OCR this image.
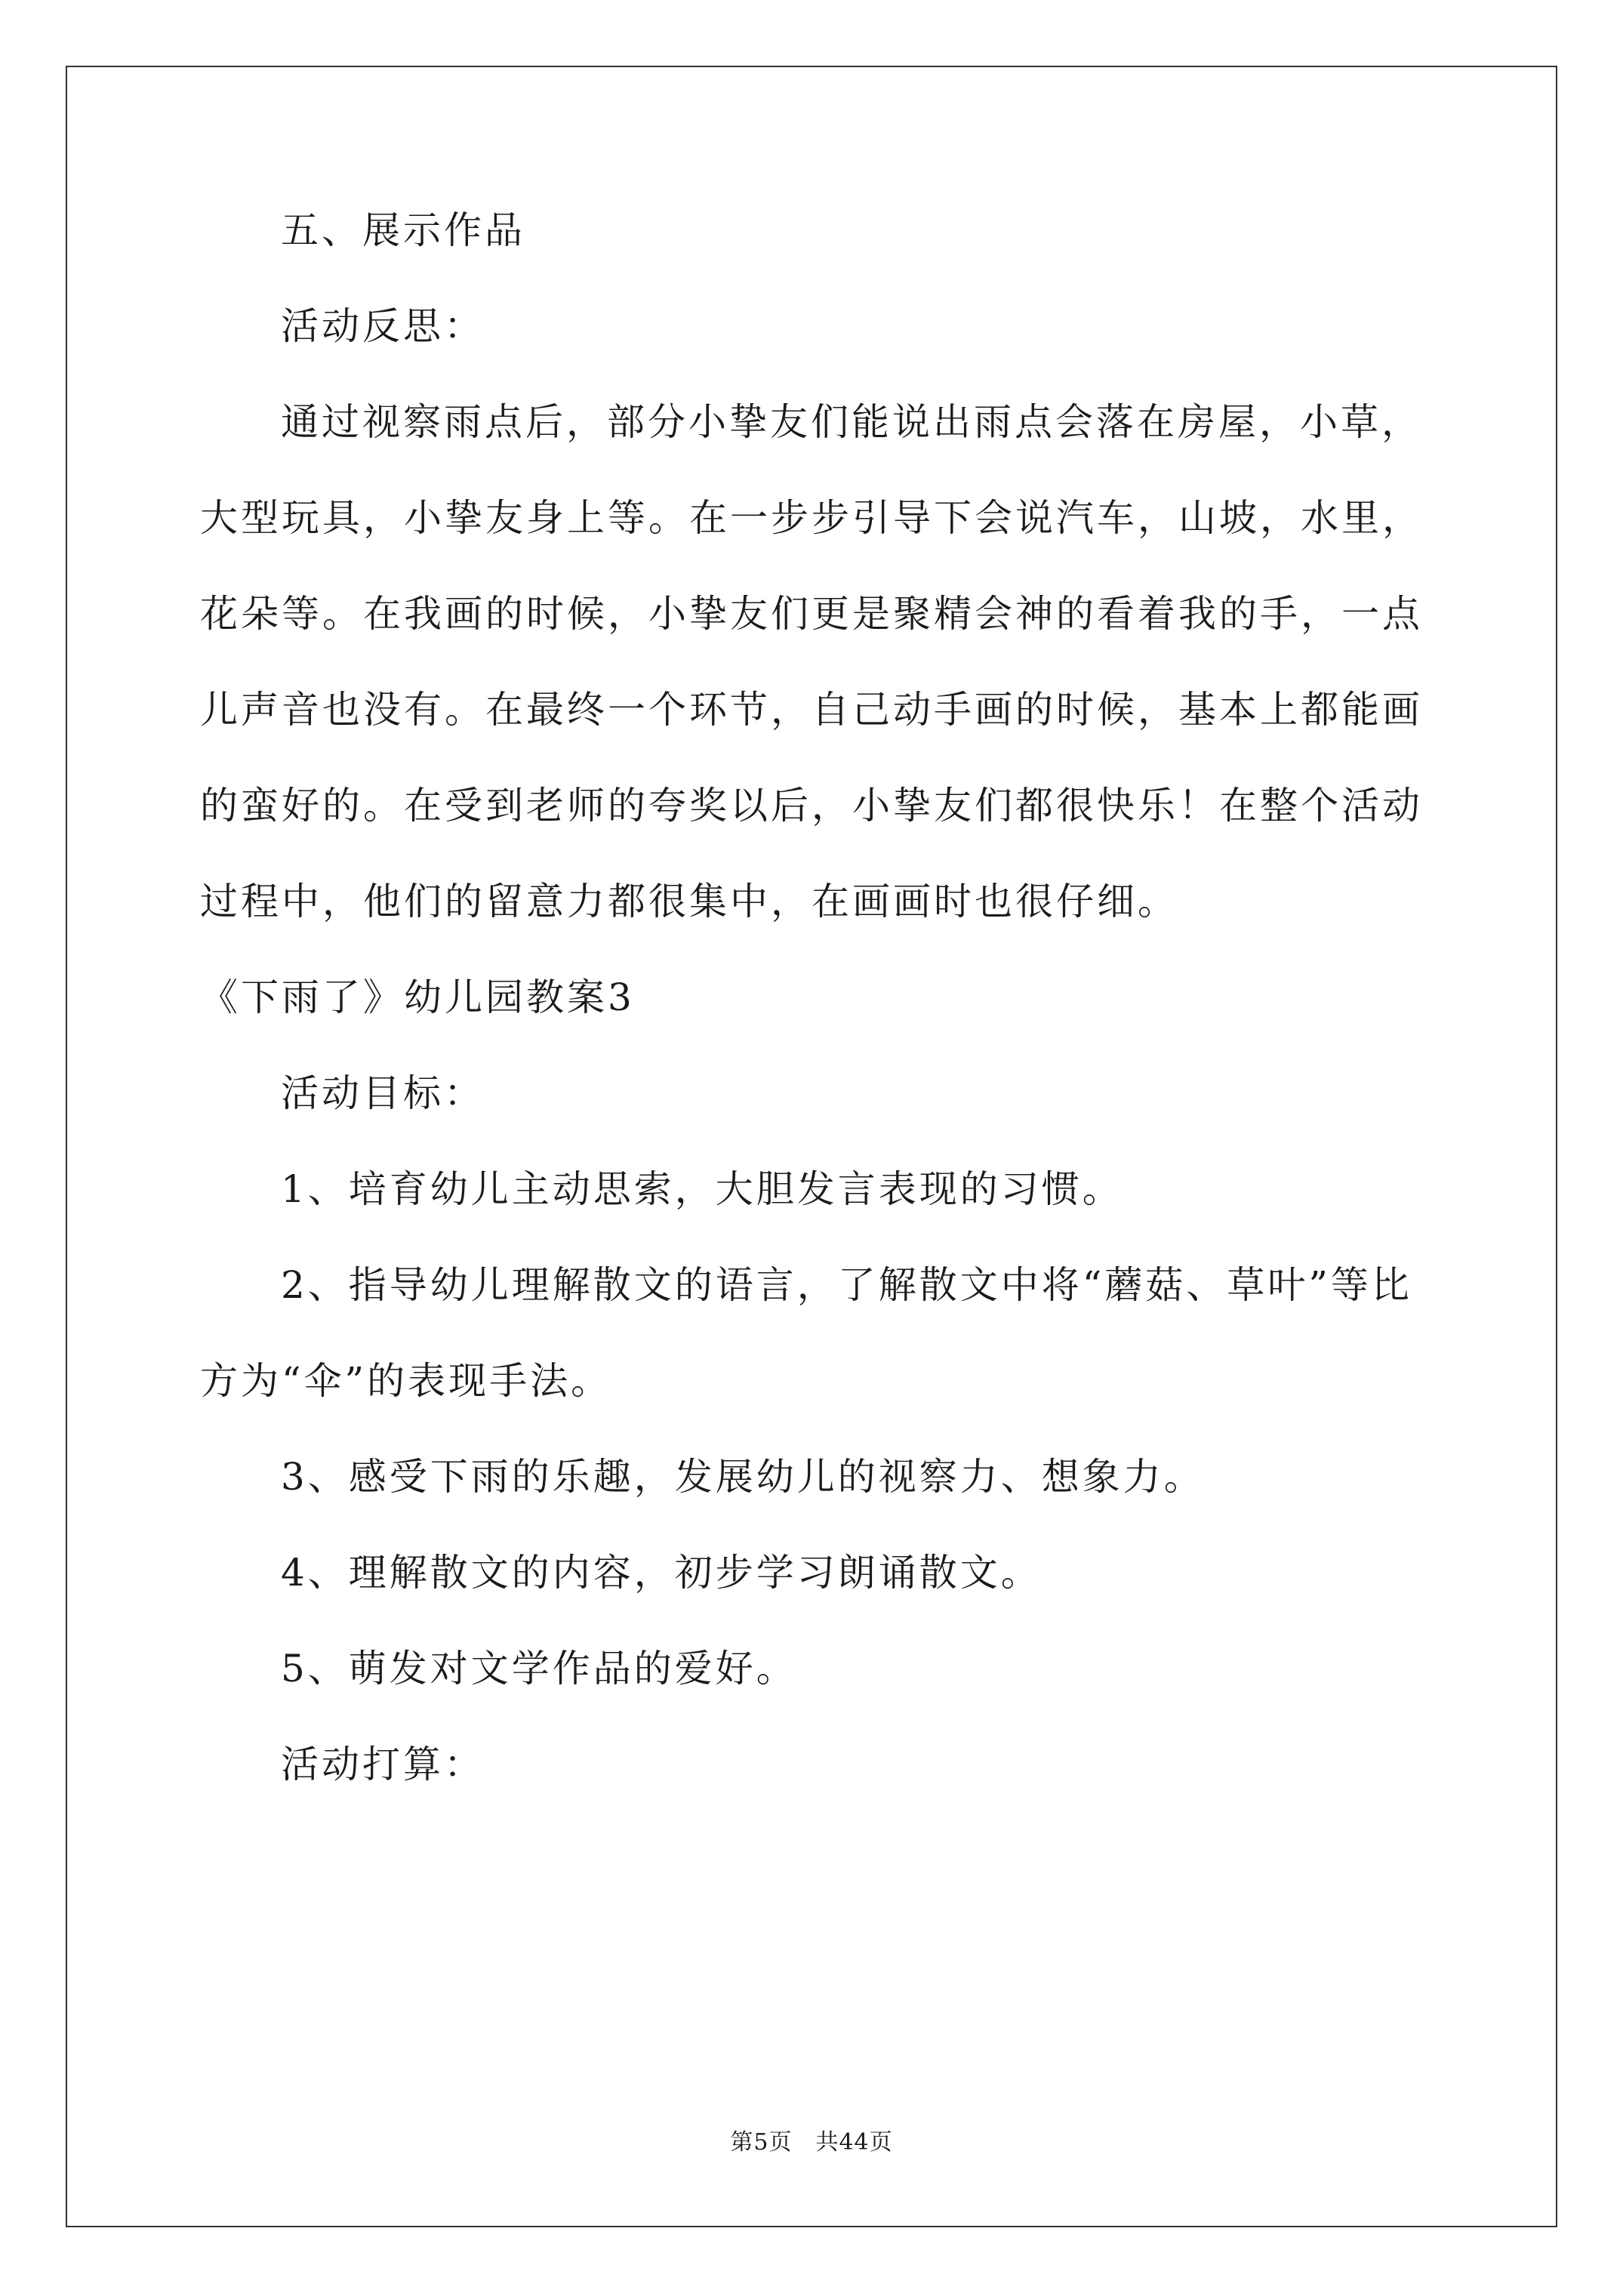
五、展示作品
活动反思：
通过视察雨点后，部分小挚友们能说出雨点会落在房屋，小草，
大型玩具，小挚友身上等。在一步步引导下会说汽车，山坡，水里，
花朵等。在我画的时候，小挚友们更是聚精会神的看着我的手，一点
儿声音也没有。在最终一个环节，自己动手画的时候，基本上都能画
的蛮好的。在受到老师的夸奖以后，小挚友们都很快乐！在整个活动
过程中，他们的留意力都很集中，在画画时也很仔细。
《下雨了》幼儿园教案3
活动目标：
1、培育幼儿主动思索，大胆发言表现的习惯。
2、指导幼儿理解散文的语言，了解散文中将“蘑菇、草叶”等比
方为“伞”的表现手法。
3、感受下雨的乐趣，发展幼儿的视察力、想象力。
4、理解散文的内容，初步学习朗诵散文。
5、萌发对文学作品的爱好。
活动打算：
第5页　共44页
